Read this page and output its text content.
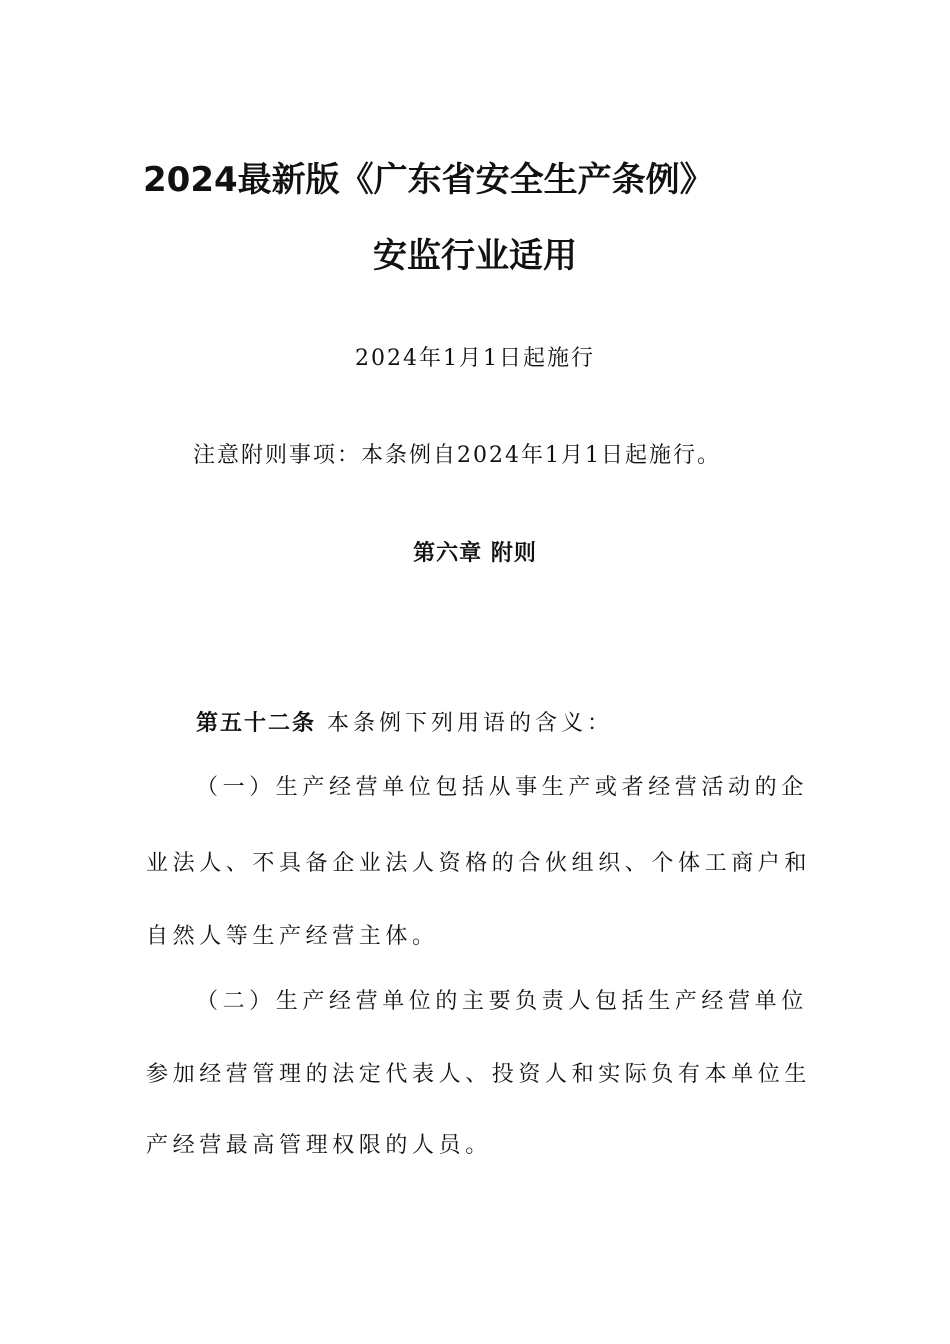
2024最新版《广东省安全生产条例》
安监行业适用
2024年1月1日起施行
注意附则事项：本条例自2024年1月1日起施行。
第六章 附则
第五十二条 本条例下列用语的含义：
（一）生产经营单位包括从事生产或者经营活动的企
业法人、不具备企业法人资格的合伙组织、个体工商户和
自然人等生产经营主体。
（二）生产经营单位的主要负责人包括生产经营单位
参加经营管理的法定代表人、投资人和实际负有本单位生
产经营最高管理权限的人员。
